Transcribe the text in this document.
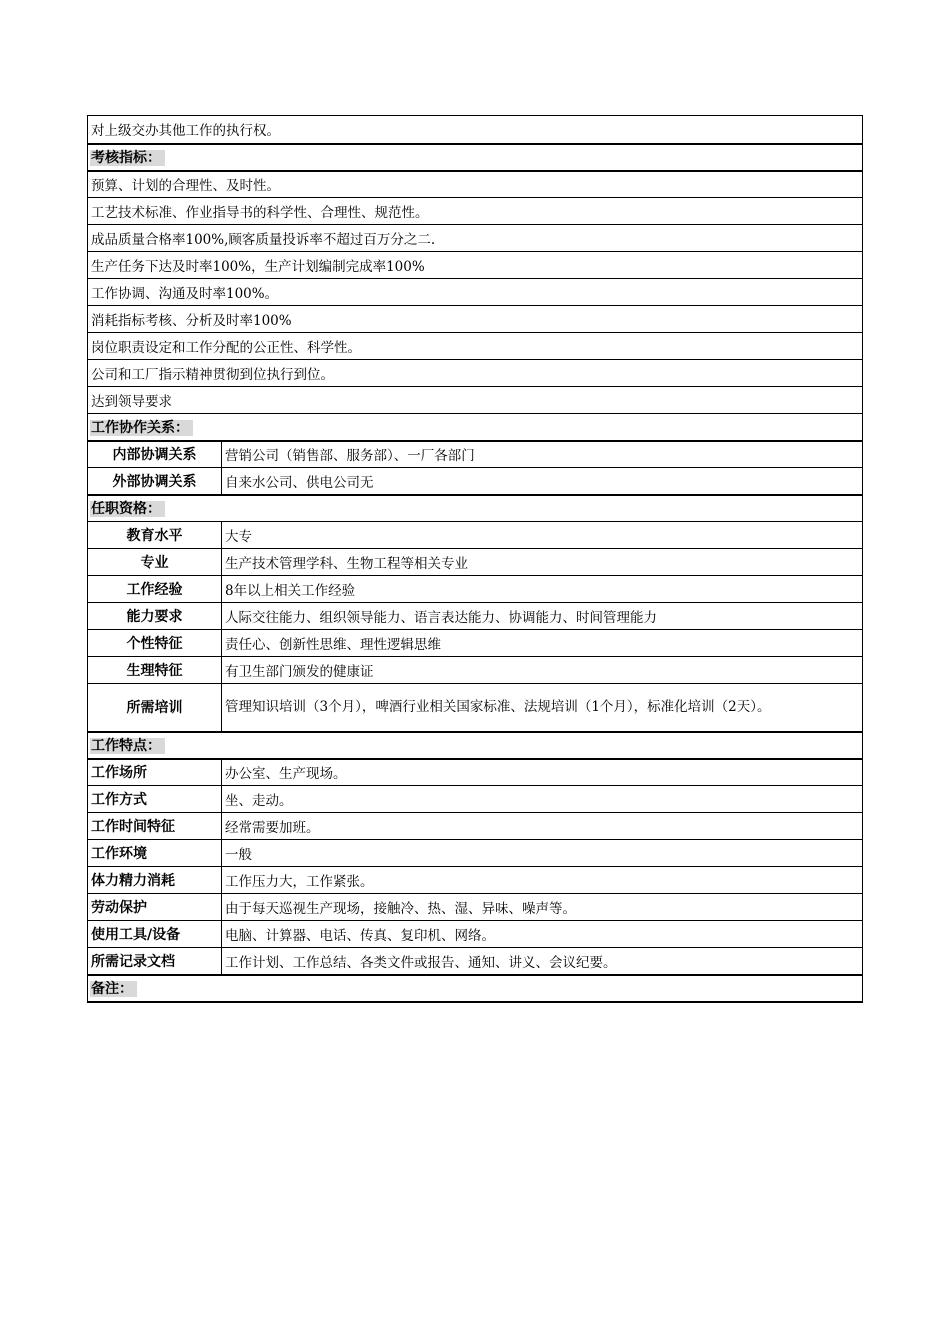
对上级交办其他工作的执行权。	
考核指标：	
预算、计划的合理性、及时性。	
工艺技术标准、作业指导书的科学性、合理性、规范性。	
成品质量合格率100%,顾客质量投诉率不超过百万分之二.	
生产任务下达及时率100%，生产计划编制完成率100%	
工作协调、沟通及时率100%。	
消耗指标考核、分析及时率100%	
岗位职责设定和工作分配的公正性、科学性。	
公司和工厂指示精神贯彻到位执行到位。	
达到领导要求	
工作协作关系：	
内部协调关系	营销公司（销售部、服务部）、一厂各部门
外部协调关系	自来水公司、供电公司无
任职资格：	
教育水平	大专
专业	生产技术管理学科、生物工程等相关专业
工作经验	8年以上相关工作经验
能力要求	人际交往能力、组织领导能力、语言表达能力、协调能力、时间管理能力
个性特征	责任心、创新性思维、理性逻辑思维
生理特征	有卫生部门颁发的健康证
所需培训	管理知识培训（3个月），啤酒行业相关国家标准、法规培训（1个月），标准化培训（2天）。
工作特点：	
工作场所	办公室、生产现场。
工作方式	坐、走动。
工作时间特征	经常需要加班。
工作环境	一般
体力精力消耗	工作压力大，工作紧张。
劳动保护	由于每天巡视生产现场，接触冷、热、湿、异味、噪声等。
使用工具/设备	电脑、计算器、电话、传真、复印机、网络。
所需记录文档	工作计划、工作总结、各类文件或报告、通知、讲义、会议纪要。
备注：	
